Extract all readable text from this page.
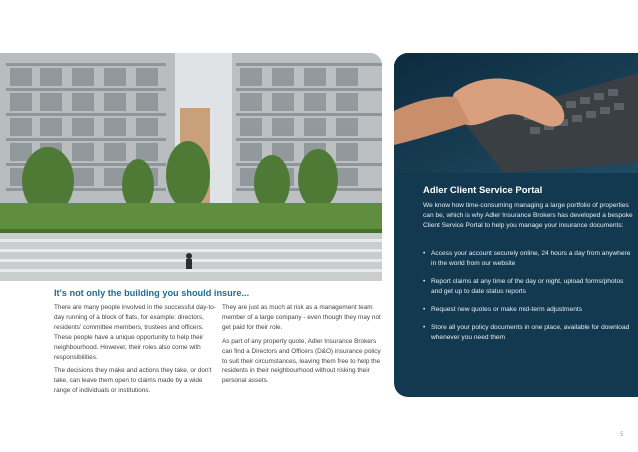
Adler Client Service Portal

We know how time-consuming managing a large portfolio of properties can be, which is why Adler Insurance Brokers has developed a bespoke Client Service Portal to help you manage your insurance documents:

• Access your account securely online, 24 hours a day from anywhere in the world from our website
• Report claims at any time of the day or night, upload forms/photos and get up to date status reports
• Request new quotes or make mid-term adjustments
• Store all your policy documents in one place, available for download whenever you need them
It's not only the building you should insure...

There are many people involved in the successful day-to-day running of a block of flats, for example: directors, residents' committee members, trustees and officers. These people have a unique opportunity to help their neighbourhood. However, their roles also come with responsibilities.

The decisions they make and actions they take, or don't take, can leave them open to claims made by a wide range of individuals or institutions.

They are just as much at risk as a management team member of a large company - even though they may not get paid for their role.

As part of any property quote, Adler Insurance Brokers can find a Directors and Officers (D&O) insurance policy to suit their circumstances, leaving them free to help the residents in their neighbourhood without risking their personal assets.

5
